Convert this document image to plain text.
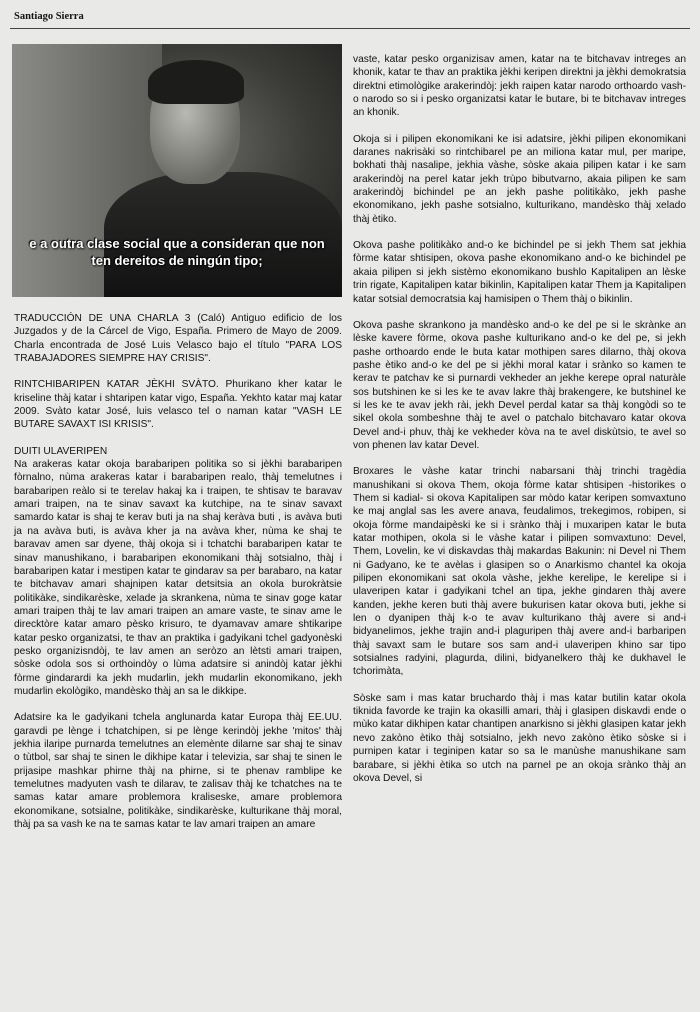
Santiago Sierra
e a outra clase social que a consideran que non
ten dereitos de ningún tipo;

TRADUCCIÓN DE UNA CHARLA 3 (Caló) Antiguo edificio de los Juzgados y de la Cárcel de Vigo, España. Primero de Mayo de 2009. Charla encontrada de José Luis Velasco bajo el título "PARA LOS TRABAJADORES SIEMPRE HAY CRISIS".

RINTCHIBARIPEN KATAR JÈKHI SVÀTO. Phurikano kher katar le kriseline thàj katar i shtaripen katar vigo, España. Yekhto katar maj katar 2009. Svàto katar José, luis velasco tel o naman katar "VASH LE BUTARE SAVAXT ISI KRISIS".

DUITI ULAVERIPEN

Na arakeras katar okoja barabaripen politika so si jèkhi barabaripen fòrnalno, nùma arakeras katar i barabaripen realo, thàj temelutnes i barabaripen reàlo si te terelav hakaj ka i traipen, te shtisav te baravav amari traipen, na te sinav savaxt ka kutchipe, na te sinav savaxt samardo katar is shaj te kerav buti ja na shaj keràva buti , is avàva buti ja na avàva buti, is avàva kher ja na avàva kher, nùma ke shaj te baravav amen sar dyene, thàj okoja si i tchatchi barabaripen katar te sinav manushikano, i barabaripen ekonomikani thàj sotsialno, thàj i barabaripen katar i mestipen katar te gindarav sa per barabaro, na katar te bitchavav amari shajnipen katar detsitsia an okola burokràtsie politikàke, sindikarèske, xelade ja skrankena, nùma te sinav goge katar amari traipen thàj te lav amari traipen an amare vaste, te sinav ame le direcktòre katar amaro pèsko krisuro, te dyamavav amare shtikaripe katar pesko organizatsi, te thav an praktika i gadyikani tchel gadyonèski pesko organizisndòj, te lav amen an seròzo an lètsti amari traipen, sòske odola sos si orthoindòy o lùma adatsire si anindòj katar jèkhi fòrme gindarardi ka jekh mudarlin, jekh mudarlin ekonomikano, jekh mudarlin ekològiko, mandèsko thàj an sa le dikkipe.

Adatsire ka le gadyikani tchela anglunarda katar Europa thàj EE.UU. garavdi pe lènge i tchatchipen, si pe lènge kerindòj jekhe 'mitos' thàj jekhia ilaripe purnarda temelutnes an elemènte dilarne sar shaj te sinav o tùtbol, sar shaj te sinen le dikhipe katar i televizia, sar shaj te sinen le prijasipe mashkar phirne thàj na phirne, si te phenav ramblipe ke temelutnes madyuten vash te dilarav, te zalisav thàj ke tchatches na te samas katar amare problemora kraliseske, amare problemora ekonomikane, sotsialne, politikàke, sindikarèske, kulturikane thàj moral, thàj pa sa vash ke na te samas katar te lav amari traipen an amare

vaste, katar pesko organizisav amen, katar na te bitchavav intreges an khonik, katar te thav an praktika jèkhi keripen direktni ja jèkhi demokratsia direktni etimològike arakerindòj: jekh raipen katar narodo orthoardo vash-o narodo so si i pesko organizatsi katar le butare, bi te bitchavav intreges an khonik.

Okoja si i pilipen ekonomikani ke isi adatsire, jèkhi pilipen ekonomikani daranes nakrisàki so rintchibarel pe an miliona katar mul, per maripe, bokhati thàj nasalipe, jekhia vàshe, sòske akaia pilipen katar i ke sam arakerindòj na perel katar jekh trùpo bibutvarno, akaia pilipen ke sam arakerindòj bichindel pe an jekh pashe politikàko, jekh pashe ekonomikano, jekh pashe sotsialno, kulturikano, mandèsko thàj xelado thàj ètiko.

Okova pashe politikàko and-o ke bichindel pe si jekh Them sat jekhia fòrme katar shtisipen, okova pashe ekonomikano and-o ke bichindel pe akaia pilipen si jekh sistèmo ekonomikano bushlo Kapitalipen an lèske trin rigate, Kapitalipen katar bikinlin, Kapitalipen katar Them ja Kapitalipen katar sotsial democratsia kaj hamisipen o Them thàj o bikinlin.

Okova pashe skrankono ja mandèsko and-o ke del pe si le skrànke an lèske kavere fòrme, okova pashe kulturikano and-o ke del pe, si jekh pashe orthoardo ende le buta katar mothipen sares dilarno, thàj okova pashe ètiko and-o ke del pe si jèkhi moral katar i srànko so kamen te kerav te patchav ke si purnardi vekheder an jekhe kerepe opral naturàle sos butshinen ke si les ke te avav lakre thàj brakengere, ke butshinel ke si les ke te avav jekh rài, jekh Devel perdal katar sa thàj kongòdi so te sikel okola sombeshne thàj te avel o patchalo bitchavaro katar okova Devel and-i phuv, thàj ke vekheder kòva na te avel diskùtsio, te avel so von phenen lav katar Devel.

Broxares le vàshe katar trinchi nabarsani thàj trinchi tragèdia manushikani si okova Them, okoja fòrme katar shtisipen -historikes o Them si kadial- si okova Kapitalipen sar mòdo katar keripen somvaxtuno ke maj anglal sas les avere anava, feudalimos, trekegimos, robipen, si okoja fòrme mandaipèski ke si i srànko thàj i muxaripen katar le buta katar mothipen, okola si le vàshe katar i pilipen somvaxtuno: Devel, Them, Lovelin, ke vi diskavdas thàj makardas Bakunin: ni Devel ni Them ni Gadyano, ke te avèlas i glasipen so o Anarkismo chantel ka okoja pilipen ekonomikani sat okola vàshe, jekhe kerelipe, le kerelipe si i ulaveripen katar i gadyikani tchel an tipa, jekhe gindaren thàj avere kanden, jekhe keren buti thàj avere bukurisen katar okova buti, jekhe si len o dyanipen thàj k-o te avav kulturikano thàj avere si and-i bidyanelimos, jekhe trajin and-i plaguripen thàj avere and-i barbaripen thàj savaxt sam le butare sos sam and-i ulaveripen khino sar tipo sotsialnes radyini, plagurda, dilini, bidyanelkero thàj ke dukhavel le tchorimàta,

Sòske sam i mas katar bruchardo thàj i mas katar butilin katar okola tiknida favorde ke trajin ka okasilli amari, thàj i glasipen diskavdi ende o mùko katar dikhipen katar chantipen anarkisno si jèkhi glasipen katar jekh nevo zakòno ètiko thàj sotsialno, jekh nevo zakòno ètiko sòske si i purnipen katar i teginipen katar so sa le manùshe manushikane sam barabare, si jèkhi ètika so utch na parnel pe an okoja srànko thàj an okova Devel, si
